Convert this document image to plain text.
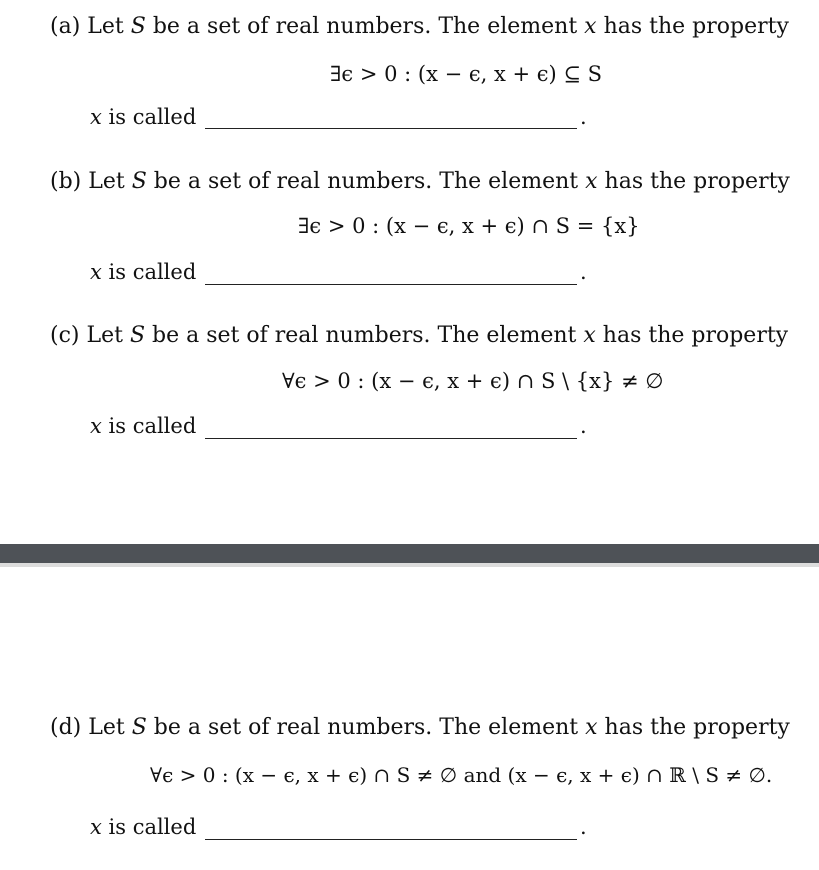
(a) Let S be a set of real numbers. The element x has the property
∃ϵ > 0 : (x − ϵ, x + ϵ) ⊆ S
x is called	.
(b) Let S be a set of real numbers. The element x has the property
∃ϵ > 0 : (x − ϵ, x + ϵ) ∩ S = {x}
x is called	.
(c) Let S be a set of real numbers. The element x has the property
∀ϵ > 0 : (x − ϵ, x + ϵ) ∩ S \ {x} ≠ ∅
x is called	.
(d) Let S be a set of real numbers. The element x has the property
∀ϵ > 0 : (x − ϵ, x + ϵ) ∩ S ≠ ∅ and (x − ϵ, x + ϵ) ∩ ℝ \ S ≠ ∅.
x is called	.
